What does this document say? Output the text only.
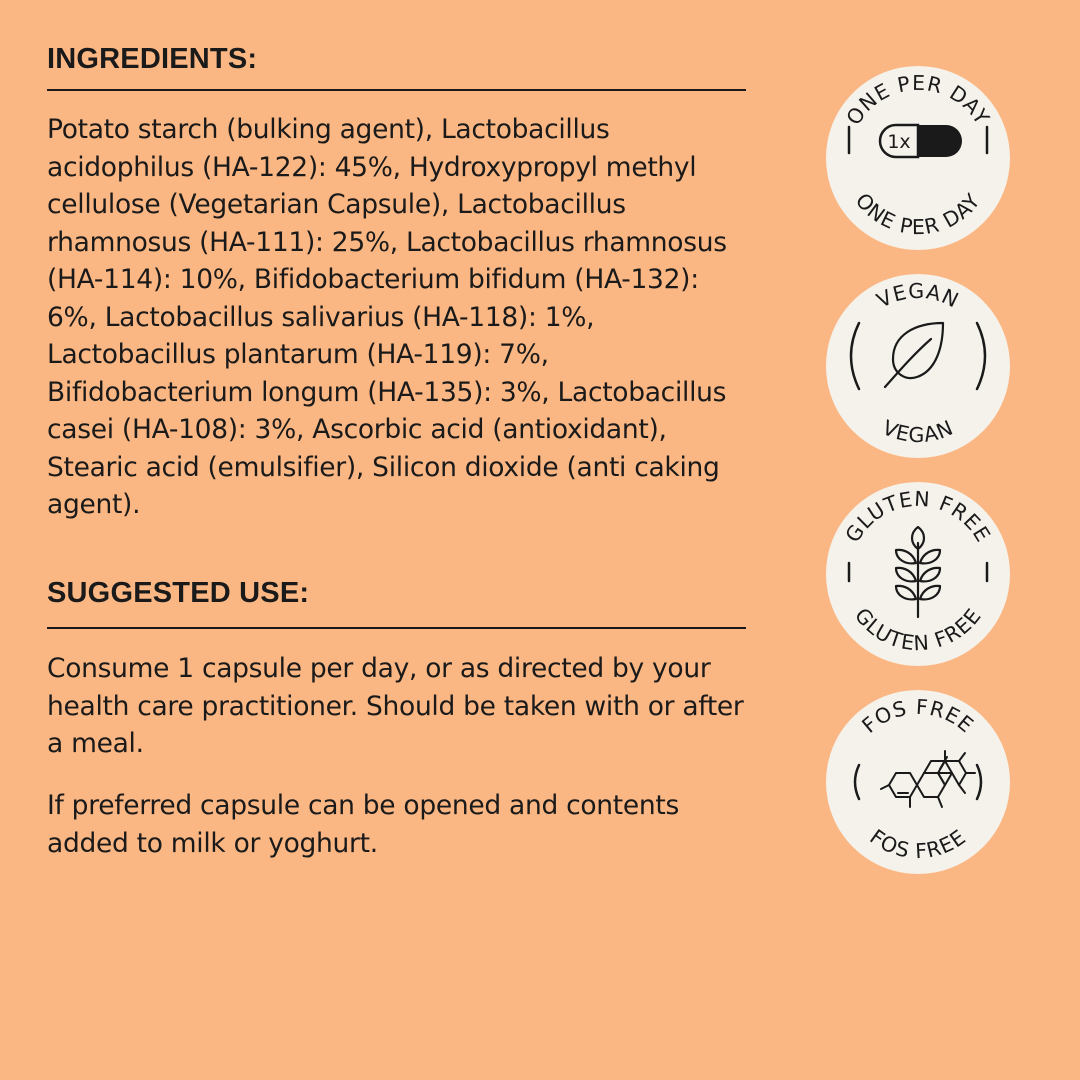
INGREDIENTS:

Potato starch (bulking agent), Lactobacillus acidophilus (HA-122): 45%, Hydroxypropyl methyl cellulose (Vegetarian Capsule), Lactobacillus rhamnosus (HA-111): 25%, Lactobacillus rhamnosus (HA-114): 10%, Bifidobacterium bifidum (HA-132): 6%, Lactobacillus salivarius (HA-118): 1%, Lactobacillus plantarum (HA-119): 7%, Bifidobacterium longum (HA-135): 3%, Lactobacillus casei (HA-108): 3%, Ascorbic acid (antioxidant), Stearic acid (emulsifier), Silicon dioxide (anti caking agent).

SUGGESTED USE:

Consume 1 capsule per day, or as directed by your health care practitioner. Should be taken with or after a meal.

If preferred capsule can be opened and contents added to milk or yoghurt.

ONE PER DAY
ONE PER DAY
1x
VEGAN
VEGAN
GLUTEN FREE
GLUTEN FREE
FOS FREE
FOS FREE
